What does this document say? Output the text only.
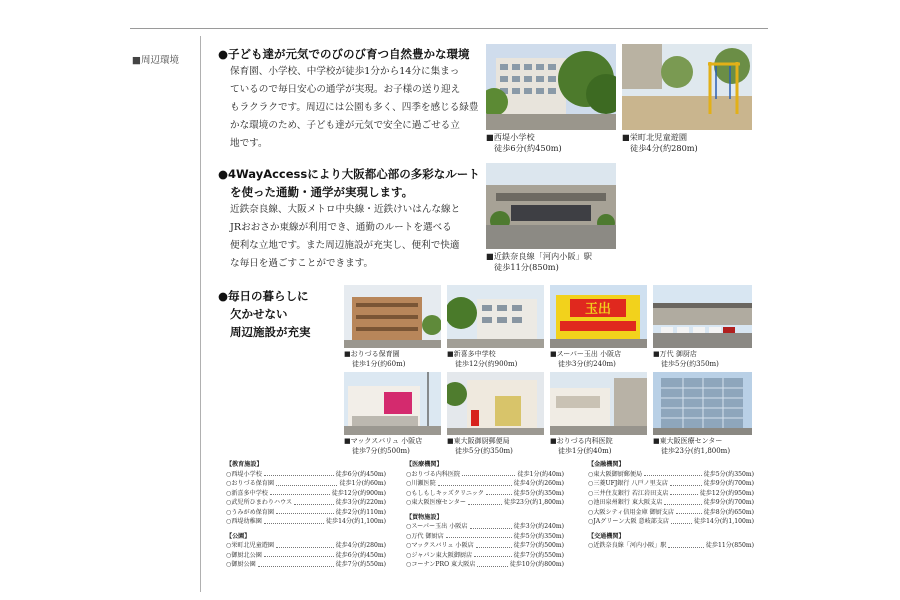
■周辺環境	●子ども達が元気でのびのび育つ自然豊かな環境
保育園、小学校、中学校が徒歩1分から14分に集まっ
ているので毎日安心の通学が実現。お子様の送り迎え
もラクラクです。周辺には公園も多く、四季を感じる緑豊
かな環境のため、子ども達が元気で安全に過ごせる立
地です。
●4WayAccessにより大阪都心部の多彩なルート
を使った通勤・通学が実現します。
近鉄奈良線、大阪メトロ中央線・近鉄けいはんな線と
JRおおさか東線が利用でき、通勤のルートを選べる
便利な立地です。また周辺施設が充実し、便利で快適
な毎日を過ごすことができます。
●毎日の暮らしに
欠かせない
周辺施設が充実
■西堤小学校
徒歩6分(約450m)
■栄町北児童遊園
徒歩4分(約280m)
■近鉄奈良線「河内小阪」駅
徒歩11分(850m)
■おりづる保育園
徒歩1分(約60m)
■新喜多中学校
徒歩12分(約900m)
玉出
■スーパー玉出 小阪店
徒歩3分(約240m)
■万代 御厨店
徒歩5分(約350m)
■マックスバリュ 小阪店
徒歩7分(約500m)
■東大阪御厨郵便局
徒歩5分(約350m)
■おりづる内科医院
徒歩1分(約40m)
■東大阪医療センター
徒歩23分(約1,800m)
【教育施設】
○西堤小学校	徒歩6分(約450m)
○おりづる保育園	徒歩1分(約60m)
○新喜多中学校	徒歩12分(約900m)
○武児所ひまわりハウス	徒歩3分(約220m)
○うみがめ保育園	徒歩2分(約110m)
○西堤幼稚園	徒歩14分(約1,100m)
【公園】
○栄町北児童遊園	徒歩4分(約280m)
○御厨北公園	徒歩6分(約450m)
○御厨公園	徒歩7分(約550m)
【医療機関】
○おりづる内科医院	徒歩1分(約40m)
○川瀬医院	徒歩4分(約260m)
○もしもしキッズクリニック	徒歩5分(約350m)
○東大阪医療センター	徒歩23分(約1,800m)
【買物施設】
○スーパー玉出 小阪店	徒歩3分(約240m)
○万代 御厨店	徒歩5分(約350m)
○マックスバリュ 小阪店	徒歩7分(約500m)
○ジャパン東大阪御厨店	徒歩7分(約550m)
○コーナンPRO 東大阪店	徒歩10分(約800m)
【金融機関】
○東大阪御厨郵便局	徒歩5分(約350m)
○三菱UFJ銀行 八戸ノ里支店	徒歩9分(約700m)
○三井住友銀行 若江岩田支店	徒歩12分(約950m)
○池田泉州銀行 東大阪支店	徒歩9分(約700m)
○大阪シティ信用金庫 御厨支店	徒歩8分(約650m)
○JAグリーン大阪 意岐部支店	徒歩14分(約1,100m)
【交通機関】
○近鉄奈良線「河内小阪」駅	徒歩11分(850m)
